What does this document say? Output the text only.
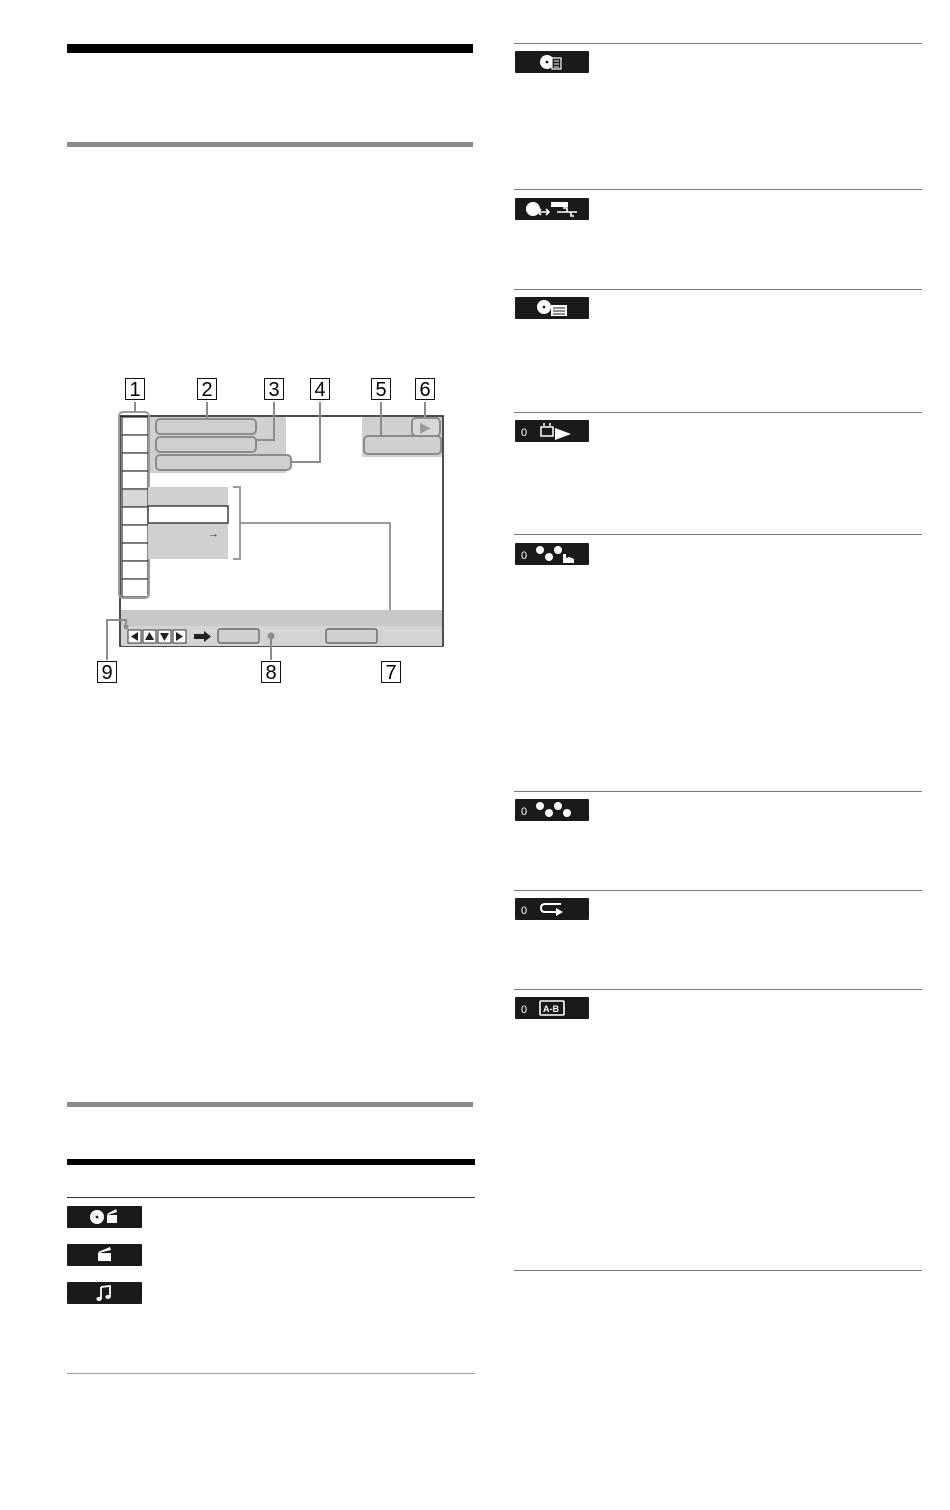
▶
→
1	2	3 4 5 6
9	8	7
0
0
0
0
0 A-B
